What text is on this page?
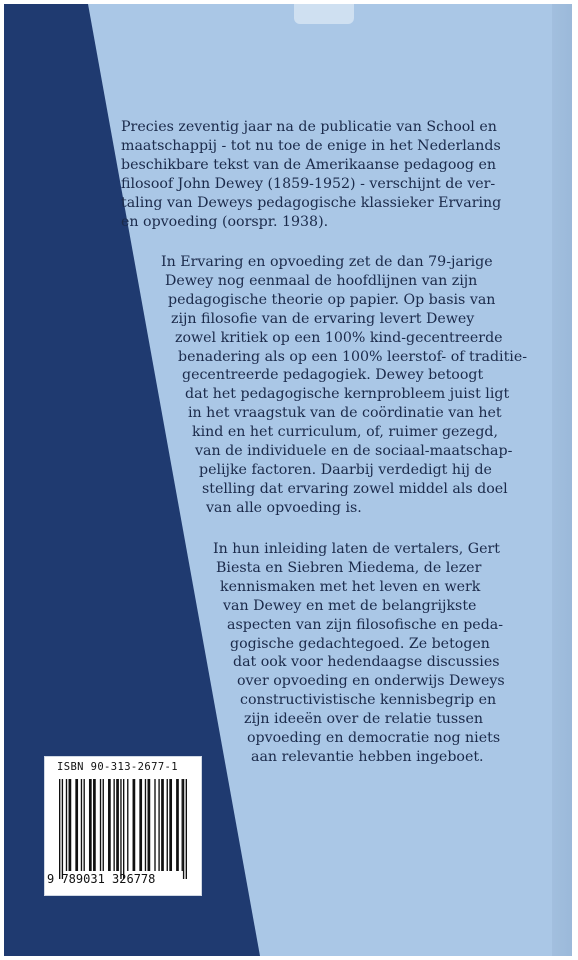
Precies zeventig jaar na de publicatie van School en
maatschappij - tot nu toe de enige in het Nederlands
beschikbare tekst van de Amerikaanse pedagoog en
filosoof John Dewey (1859-1952) - verschijnt de ver-
taling van Deweys pedagogische klassieker Ervaring
en opvoeding (oorspr. 1938).
In Ervaring en opvoeding zet de dan 79-jarige
Dewey nog eenmaal de hoofdlijnen van zijn
pedagogische theorie op papier. Op basis van
zijn filosofie van de ervaring levert Dewey
zowel kritiek op een 100% kind-gecentreerde
benadering als op een 100% leerstof- of traditie-
gecentreerde pedagogiek. Dewey betoogt
dat het pedagogische kernprobleem juist ligt
in het vraagstuk van de coördinatie van het
kind en het curriculum, of, ruimer gezegd,
van de individuele en de sociaal-maatschap-
pelijke factoren. Daarbij verdedigt hij de
stelling dat ervaring zowel middel als doel
van alle opvoeding is.
In hun inleiding laten de vertalers, Gert
Biesta en Siebren Miedema, de lezer
kennismaken met het leven en werk
van Dewey en met de belangrijkste
aspecten van zijn filosofische en peda-
gogische gedachtegoed. Ze betogen
dat ook voor hedendaagse discussies
over opvoeding en onderwijs Deweys
constructivistische kennisbegrip en
zijn ideeën over de relatie tussen
opvoeding en democratie nog niets
aan relevantie hebben ingeboet.
ISBN 90-313-2677-1
9 789031 326778
